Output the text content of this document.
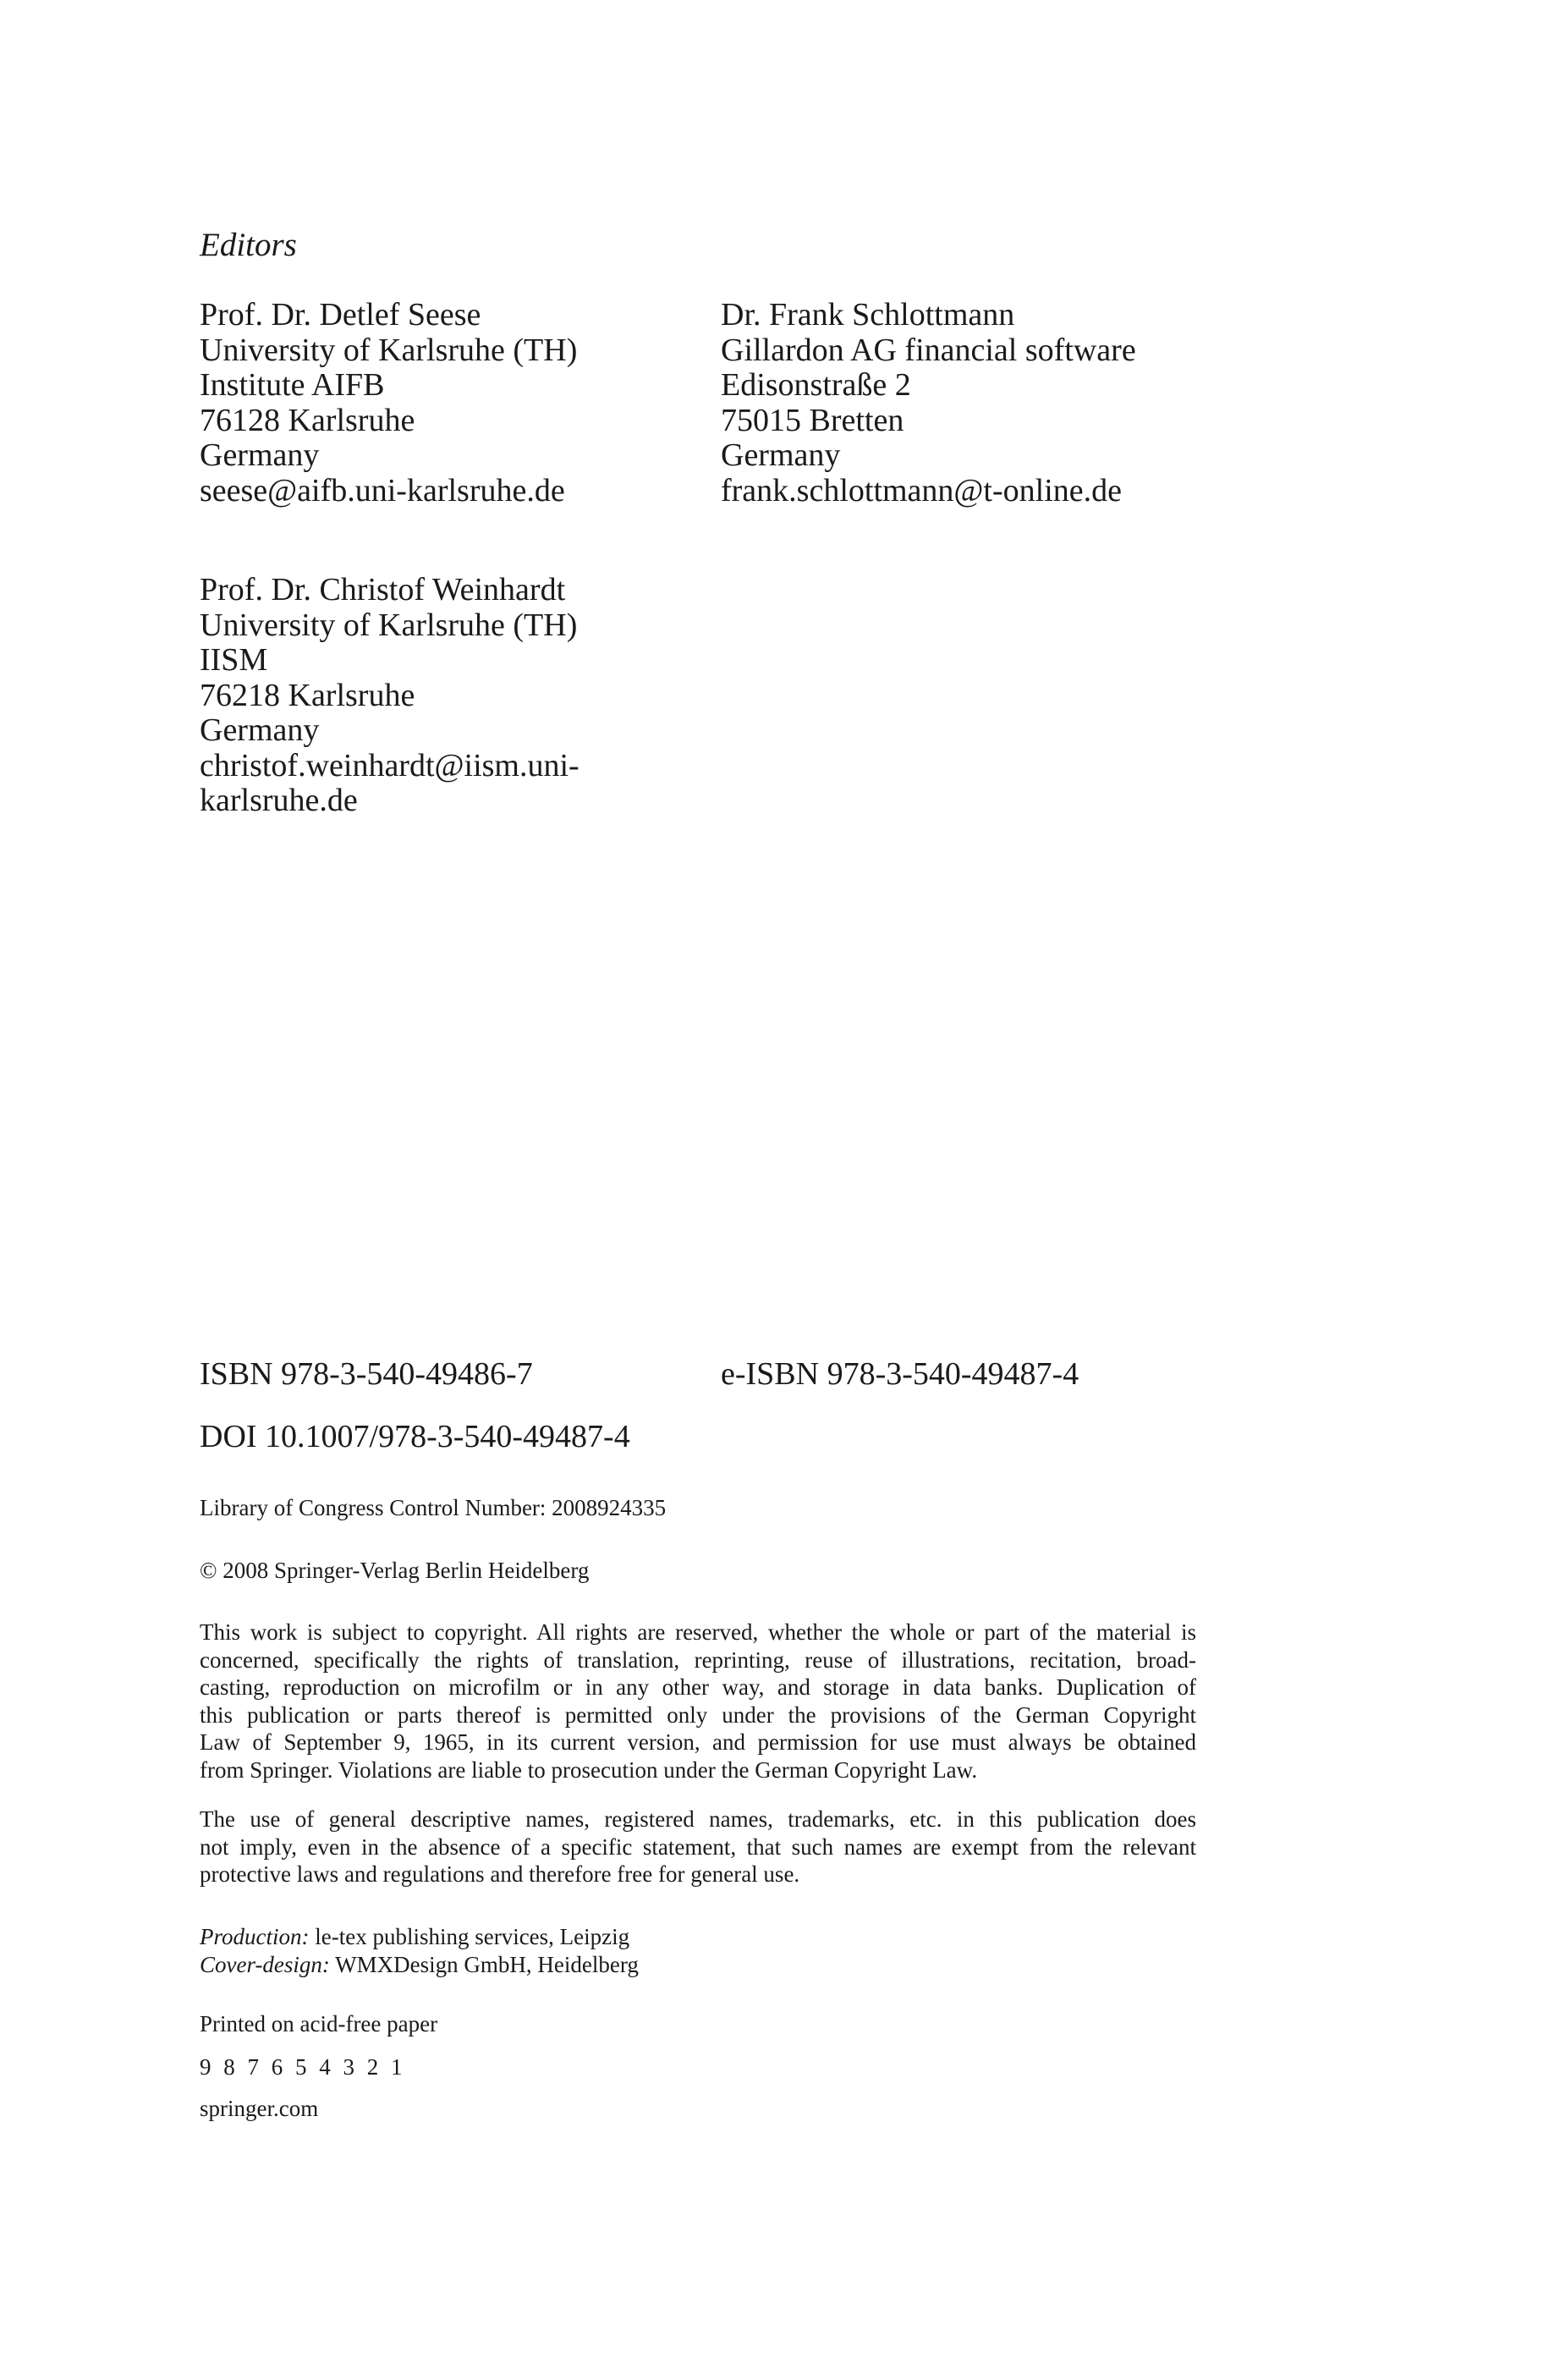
Editors
Prof. Dr. Detlef Seese
University of Karlsruhe (TH)
Institute AIFB
76128 Karlsruhe
Germany
seese@aifb.uni-karlsruhe.de
Dr. Frank Schlottmann
Gillardon AG financial software
Edisonstraße 2
75015 Bretten
Germany
frank.schlottmann@t-online.de
Prof. Dr. Christof Weinhardt
University of Karlsruhe (TH)
IISM
76218 Karlsruhe
Germany
christof.weinhardt@iism.uni-
karlsruhe.de
ISBN 978-3-540-49486-7	e-ISBN 978-3-540-49487-4
DOI 10.1007/978-3-540-49487-4
Library of Congress Control Number: 2008924335
© 2008 Springer-Verlag Berlin Heidelberg

This work is subject to copyright. All rights are reserved, whether the whole or part of the material is
concerned, specifically the rights of translation, reprinting, reuse of illustrations, recitation, broad-
casting, reproduction on microfilm or in any other way, and storage in data banks. Duplication of
this publication or parts thereof is permitted only under the provisions of the German Copyright
Law of September 9, 1965, in its current version, and permission for use must always be obtained
from Springer. Violations are liable to prosecution under the German Copyright Law.

The use of general descriptive names, registered names, trademarks, etc. in this publication does
not imply, even in the absence of a specific statement, that such names are exempt from the relevant
protective laws and regulations and therefore free for general use.

Production: le-tex publishing services, Leipzig
Cover-design: WMXDesign GmbH, Heidelberg
Printed on acid-free paper
9 8 7 6 5 4 3 2 1
springer.com
